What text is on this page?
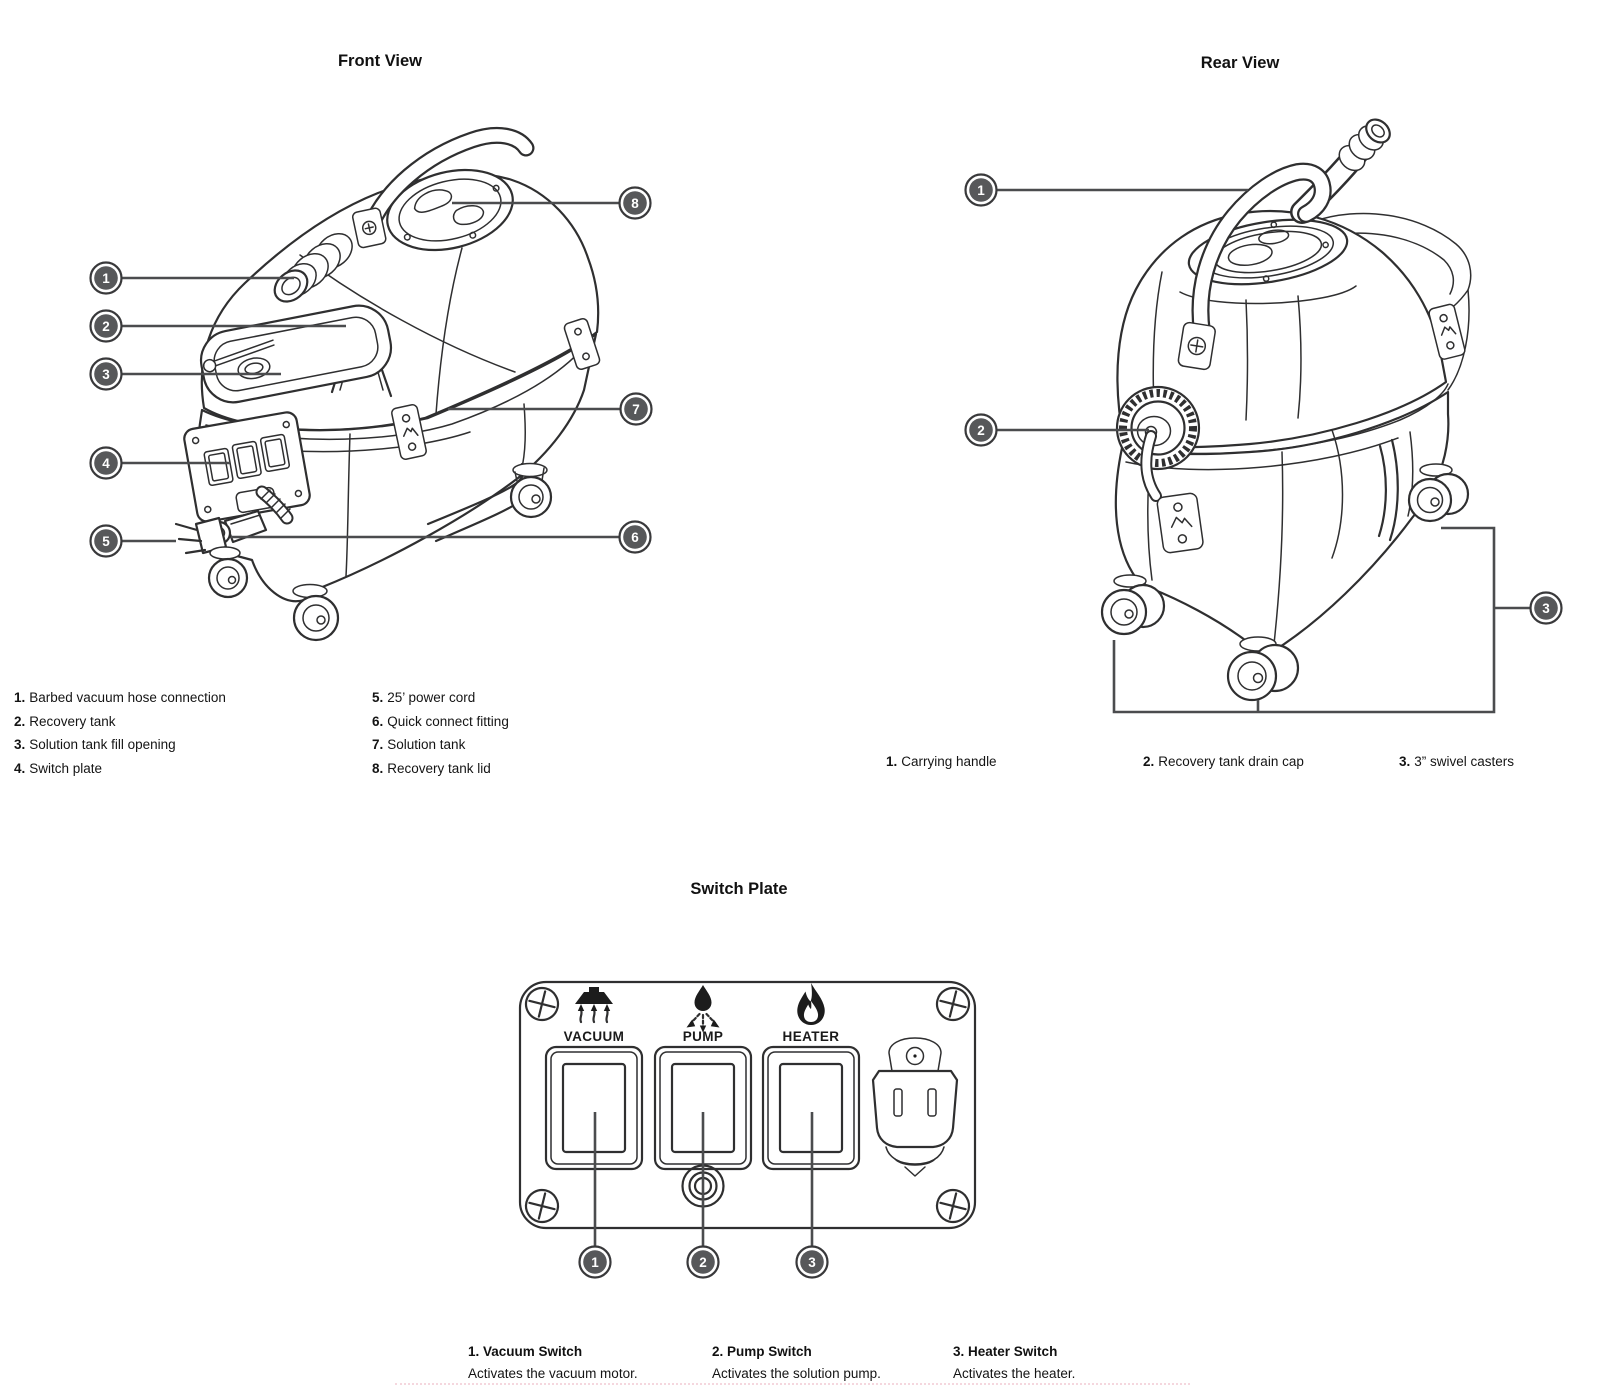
1
2
3
4
5	6
7
8
1
2
3
VACUUM	PUMP	HEATER
1	2	3
Front View	Rear View
Switch Plate
1. Barbed vacuum hose connection
2. Recovery tank
3. Solution tank fill opening
4. Switch plate
5. 25’ power cord
6. Quick connect fitting
7. Solution tank
8. Recovery tank lid	1. Carrying handle	2. Recovery tank drain cap	3. 3” swivel casters
1. Vacuum Switch
Activates the vacuum motor.
2. Pump Switch
Activates the solution pump.
3. Heater Switch
Activates the heater.
